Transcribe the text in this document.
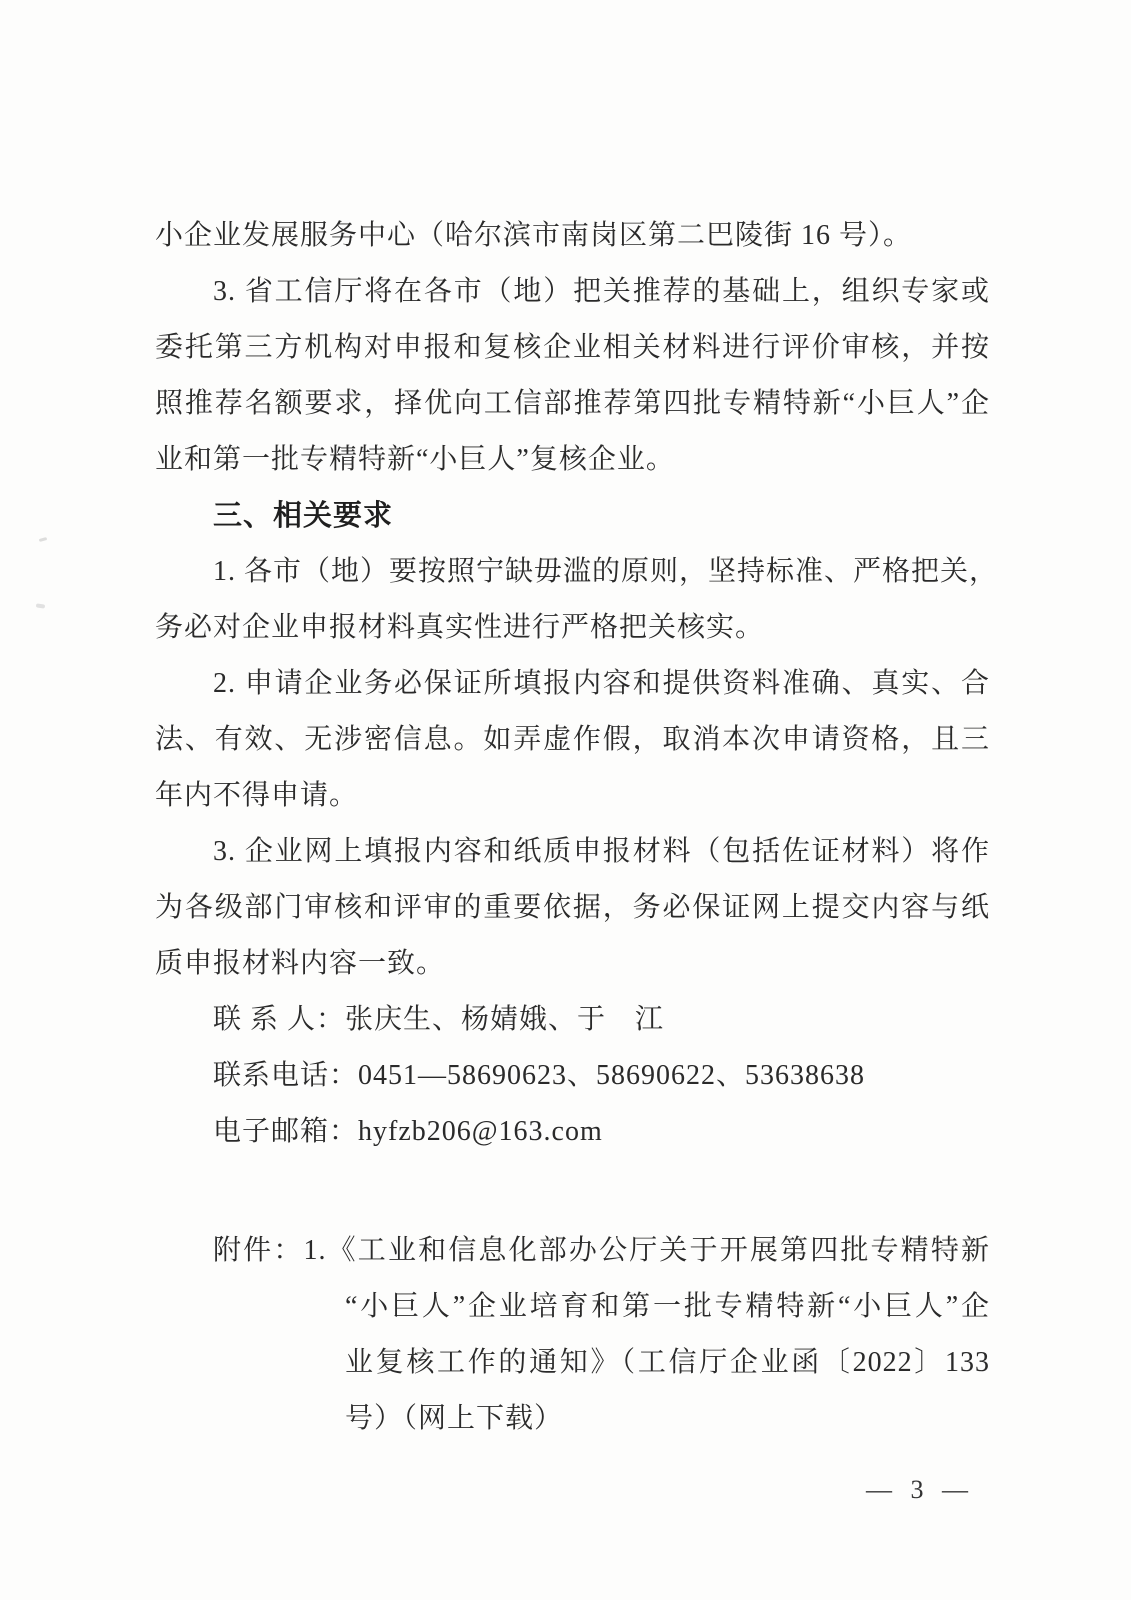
小企业发展服务中心（哈尔滨市南岗区第二巴陵街 16 号）。
3. 省工信厅将在各市（地）把关推荐的基础上，组织专家或
委托第三方机构对申报和复核企业相关材料进行评价审核，并按
照推荐名额要求，择优向工信部推荐第四批专精特新“小巨人”企
业和第一批专精特新“小巨人”复核企业。
三、相关要求
1. 各市（地）要按照宁缺毋滥的原则，坚持标准、严格把关，
务必对企业申报材料真实性进行严格把关核实。
2. 申请企业务必保证所填报内容和提供资料准确、真实、合
法、有效、无涉密信息。如弄虚作假，取消本次申请资格，且三
年内不得申请。
3. 企业网上填报内容和纸质申报材料（包括佐证材料）将作
为各级部门审核和评审的重要依据，务必保证网上提交内容与纸
质申报材料内容一致。
联 系 人：张庆生、杨婧娥、于　江
联系电话：0451—58690623、58690622、53638638
电子邮箱：hyfzb206@163.com
附件：1.《工业和信息化部办公厅关于开展第四批专精特新
“小巨人”企业培育和第一批专精特新“小巨人”企
业复核工作的通知》（工信厅企业函〔2022〕133
号）（网上下载）
— 3 —
